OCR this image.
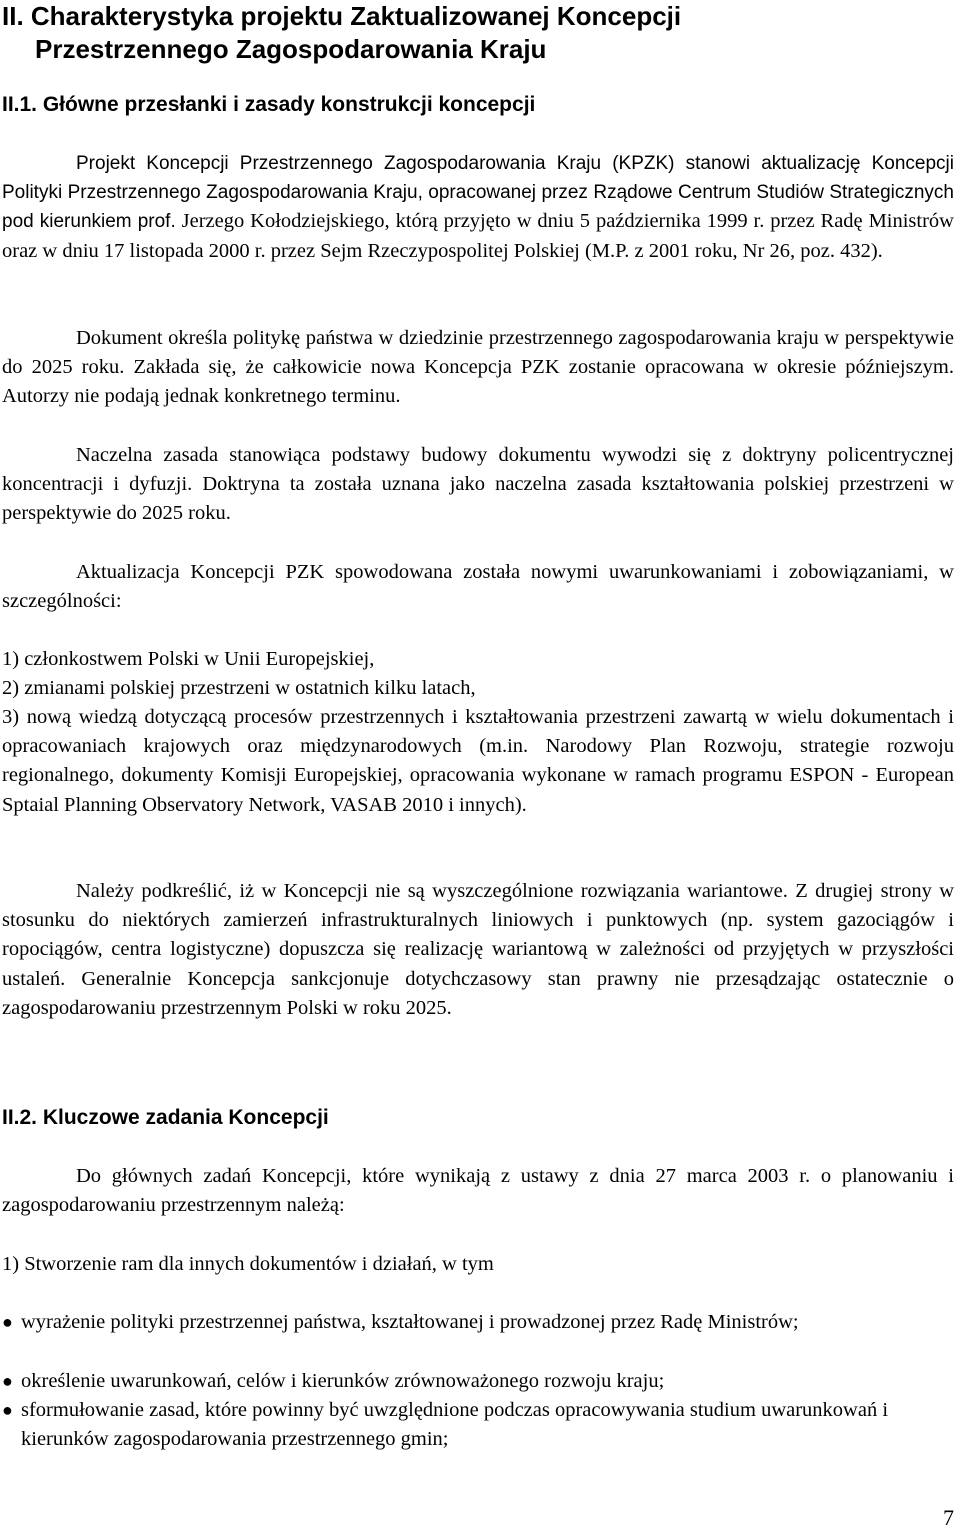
II. Charakterystyka projektu Zaktualizowanej Koncepcji
Przestrzennego Zagospodarowania Kraju
II.1. Główne przesłanki i zasady konstrukcji koncepcji

Projekt Koncepcji Przestrzennego Zagospodarowania Kraju (KPZK) stanowi aktualizację Koncepcji Polityki Przestrzennego Zagospodarowania Kraju, opracowanej przez Rządowe Centrum Studiów Strategicznych pod kierunkiem prof. Jerzego Kołodziejskiego, którą przyjęto w dniu 5 października 1999 r. przez Radę Ministrów oraz w dniu 17 listopada 2000 r. przez Sejm Rzeczypospolitej Polskiej (M.P. z 2001 roku, Nr 26, poz. 432).

Dokument określa politykę państwa w dziedzinie przestrzennego zagospodarowania kraju w perspektywie do 2025 roku. Zakłada się, że całkowicie nowa Koncepcja PZK zostanie opracowana w okresie późniejszym. Autorzy nie podają jednak konkretnego terminu.

Naczelna zasada stanowiąca podstawy budowy dokumentu wywodzi się z doktryny policentrycznej koncentracji i dyfuzji. Doktryna ta została uznana jako naczelna zasada kształtowania polskiej przestrzeni w perspektywie do 2025 roku.

Aktualizacja Koncepcji PZK spowodowana została nowymi uwarunkowaniami i zobowiązaniami, w szczególności:

1) członkostwem Polski w Unii Europejskiej,

2) zmianami polskiej przestrzeni w ostatnich kilku latach,

3) nową wiedzą dotyczącą procesów przestrzennych i kształtowania przestrzeni zawartą w wielu dokumentach i opracowaniach krajowych oraz międzynarodowych (m.in. Narodowy Plan Rozwoju, strategie rozwoju regionalnego, dokumenty Komisji Europejskiej, opracowania wykonane w ramach programu ESPON - European Sptaial Planning Observatory Network, VASAB 2010 i innych).

Należy podkreślić, iż w Koncepcji nie są wyszczególnione rozwiązania wariantowe. Z drugiej strony w stosunku do niektórych zamierzeń infrastrukturalnych liniowych i punktowych (np. system gazociągów i ropociągów, centra logistyczne) dopuszcza się realizację wariantową w zależności od przyjętych w przyszłości ustaleń. Generalnie Koncepcja sankcjonuje dotychczasowy stan prawny nie przesądzając ostatecznie o zagospodarowaniu przestrzennym Polski w roku 2025.

II.2. Kluczowe zadania Koncepcji

Do głównych zadań Koncepcji, które wynikają z ustawy z dnia 27 marca 2003 r. o planowaniu i zagospodarowaniu przestrzennym należą:

1) Stworzenie ram dla innych dokumentów i działań, w tym

● wyrażenie polityki przestrzennej państwa, kształtowanej i prowadzonej przez Radę Ministrów;

● określenie uwarunkowań, celów i kierunków zrównoważonego rozwoju kraju;

● sformułowanie zasad, które powinny być uwzględnione podczas opracowywania studium uwarunkowań i kierunków zagospodarowania przestrzennego gmin;

7
